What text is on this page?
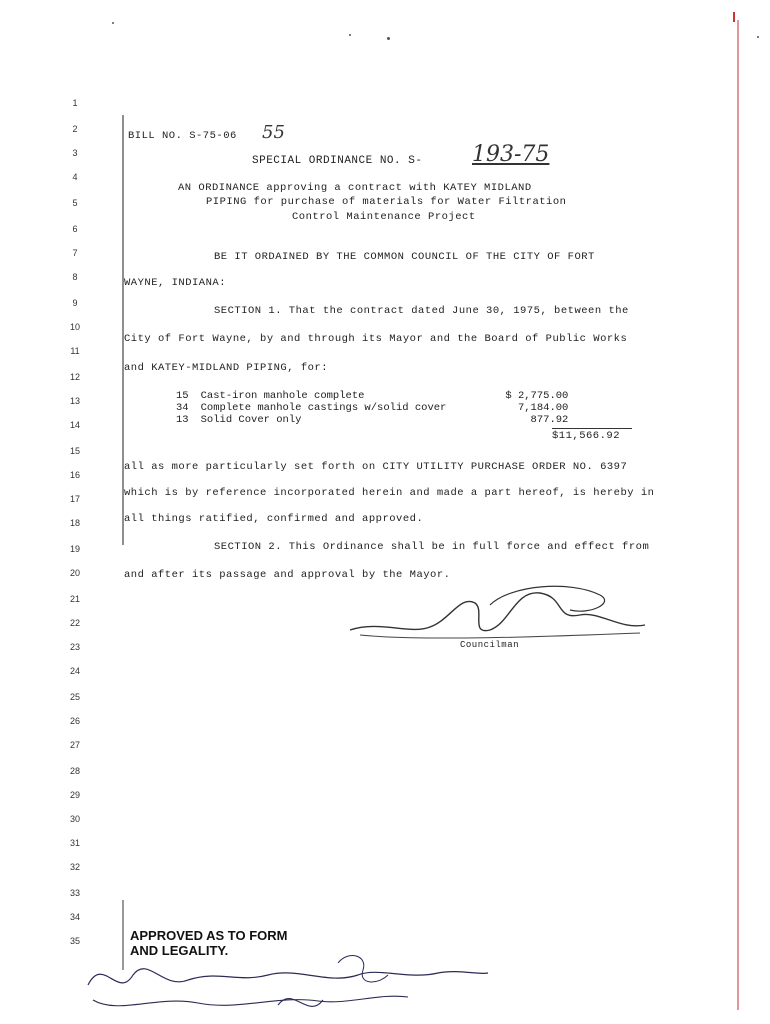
1
2
3
4
5
6
7
8
9
10
11
12
13
14
15
16
17
18
19
20
21
22
23
24
25
26
27
28
29
30
31
32
33
34
35
BILL NO. S-75-06 55
SPECIAL ORDINANCE NO. S- 193-75
AN ORDINANCE approving a contract with KATEY MIDLAND
PIPING for purchase of materials for Water Filtration
Control Maintenance Project
BE IT ORDAINED BY THE COMMON COUNCIL OF THE CITY OF FORT
WAYNE, INDIANA:
SECTION 1. That the contract dated June 30, 1975, between the
City of Fort Wayne, by and through its Mayor and the Board of Public Works
and KATEY-MIDLAND PIPING, for:
15	Cast-iron manhole complete	$ 2,775.00
34	Complete manhole castings w/solid cover	7,184.00
13	Solid Cover only	877.92
$11,566.92
all as more particularly set forth on CITY UTILITY PURCHASE ORDER NO. 6397
which is by reference incorporated herein and made a part hereof, is hereby in
all things ratified, confirmed and approved.
SECTION 2. This Ordinance shall be in full force and effect from
and after its passage and approval by the Mayor.
Councilman
APPROVED AS TO FORM
AND LEGALITY.
